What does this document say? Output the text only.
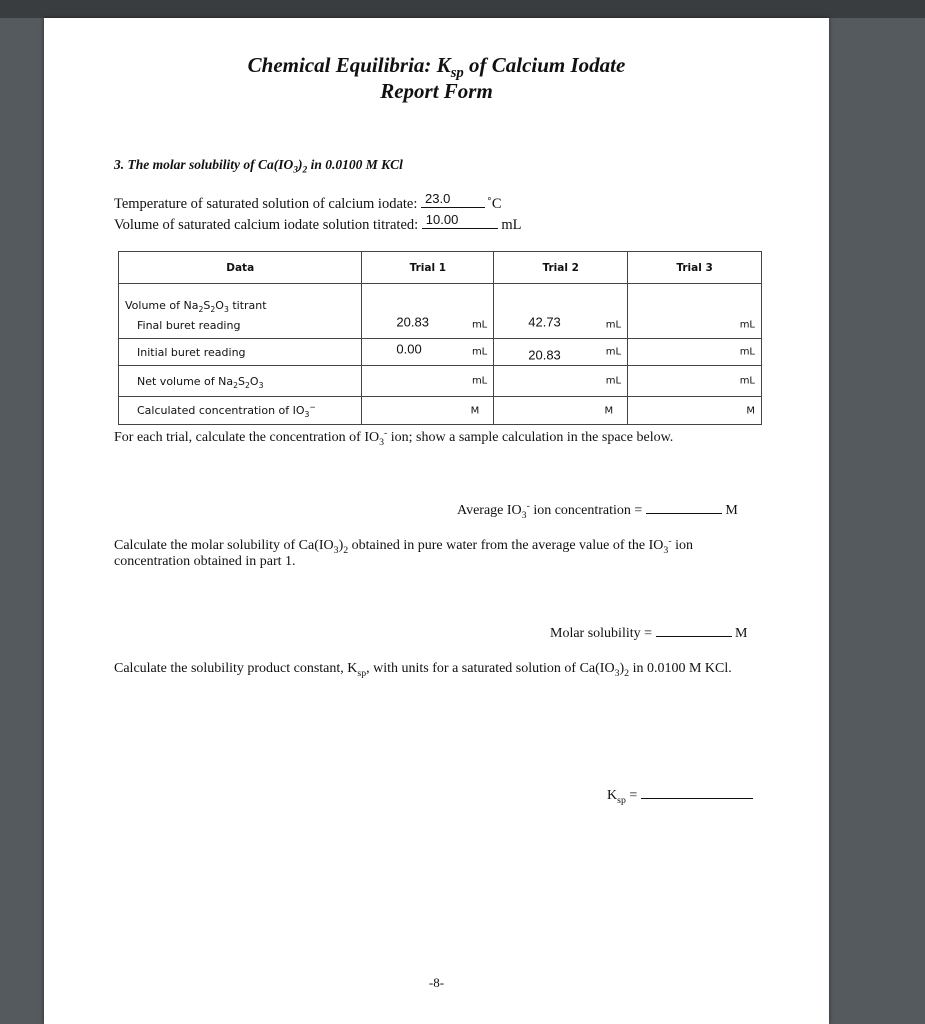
Chemical Equilibria: $K_{sp}$ of Calcium Iodate
Report Form
3. The molar solubility of $Ca(IO_3)_2$ in 0.0100 M KCl
Temperature of saturated solution of calcium iodate: 23.0	˚C
Volume of saturated calcium iodate solution titrated: 10.00	mL
Data	Trial 1	Trial 2	Trial 3
Volume of $Na_2S_2O_3$ titrant			
Final buret reading	20.83 mL	42.73 mL	mL

Initial buret reading	0.00 mL	20.83 mL	mL

Net volume of $Na_2S_2O_3$	mL	mL	mL

Calculated concentration of $IO_3^-$	M	M	M
For each trial, calculate the concentration of $IO_3^-$ ion; show a sample calculation in the space below.
Average $IO_3^-$ ion concentration =	M
Calculate the molar solubility of $Ca(IO_3)_2$ obtained in pure water from the average value of the $IO_3^-$ ion concentration obtained in part 1.
Molar solubility =	M
Calculate the solubility product constant, $K_{sp}$, with units for a saturated solution of $Ca(IO_3)_2$ in 0.0100 M KCl.
$K_{sp}$ =
-8-
